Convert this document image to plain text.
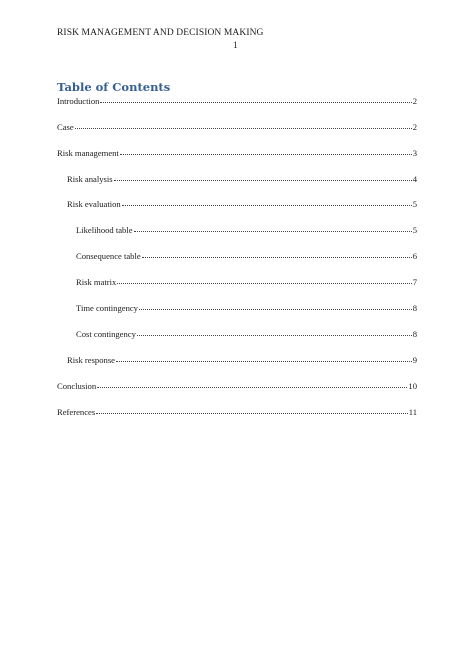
RISK MANAGEMENT AND DECISION MAKING
1
Table of Contents
Introduction	2
Case	2
Risk management	3
Risk analysis	4
Risk evaluation	5
Likelihood table	5
Consequence table	6
Risk matrix	7
Time contingency	8
Cost contingency	8
Risk response	9
Conclusion	10
References	11
